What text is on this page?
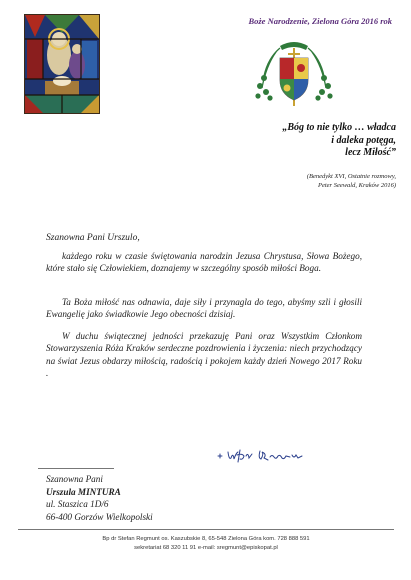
Boże Narodzenie, Zielona Góra 2016 rok
„Bóg to nie tylko … władca
i daleka potęga,
lecz Miłość”
(Benedykt XVI, Ostatnie rozmowy,
Peter Seewald, Kraków 2016)
Szanowna Pani Urszulo,
każdego roku w czasie świętowania narodzin Jezusa Chrystusa, Słowa Bożego, które stało się Człowiekiem, doznajemy w szczególny sposób miłości Boga.
Ta Boża miłość nas odnawia, daje siły i przynagla do tego, abyśmy szli i głosili Ewangelię jako świadkowie Jego obecności dzisiaj.
W duchu świątecznej jedności przekazuję Pani oraz Wszystkim Członkom Stowarzyszenia Róża Kraków serdeczne pozdrowienia i życzenia: niech przychodzący na świat Jezus obdarzy miłością, radością i pokojem każdy dzień Nowego 2017 Roku .
Szanowna Pani
Urszula MINTURA
ul. Staszica 1D/6
66-400 Gorzów Wielkopolski
Bp dr Stefan Regmunt os. Kaszubskie 8, 65-548 Zielona Góra kom. 728 888 591
sekretariat 68 320 11 91 e-mail: sregmunt@episkopat.pl
